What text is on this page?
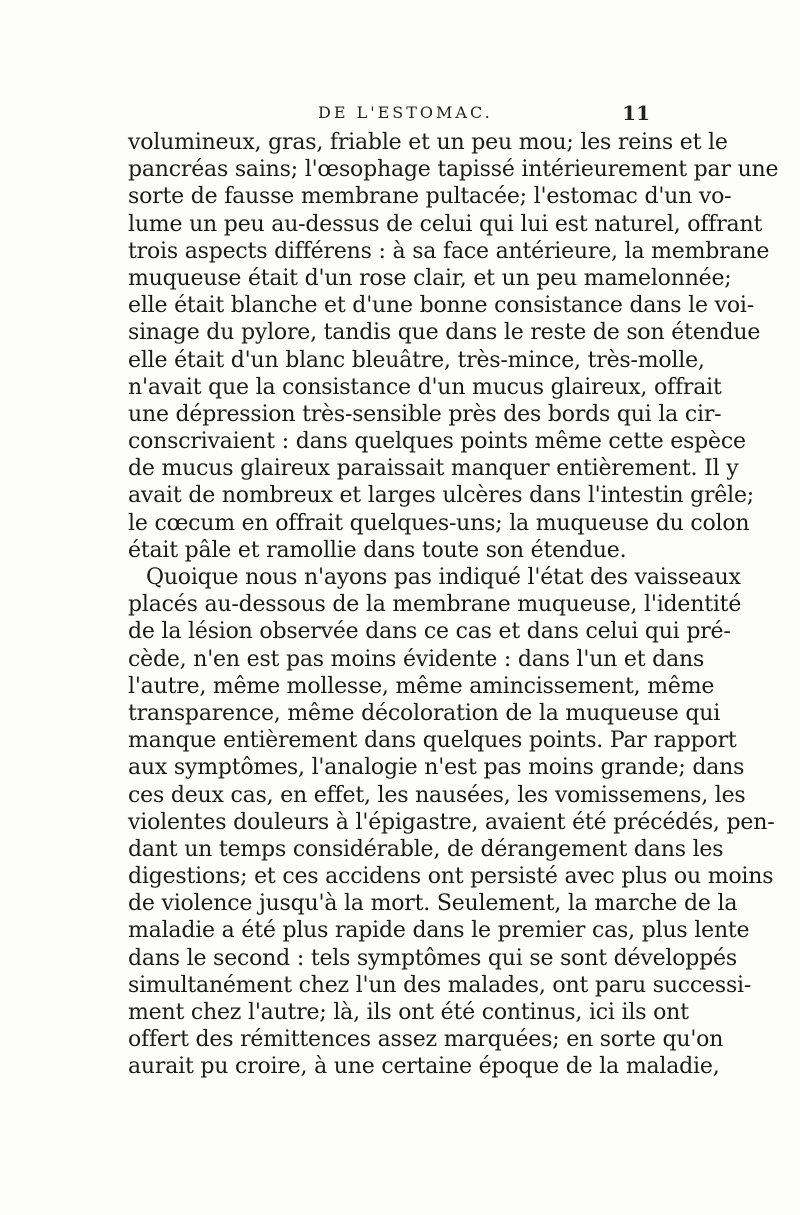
DE L'ESTOMAC.	11
volumineux, gras, friable et un peu mou; les reins et le
pancréas sains; l'œsophage tapissé intérieurement par une
sorte de fausse membrane pultacée; l'estomac d'un vo-
lume un peu au-dessus de celui qui lui est naturel, offrant
trois aspects différens : à sa face antérieure, la membrane
muqueuse était d'un rose clair, et un peu mamelonnée;
elle était blanche et d'une bonne consistance dans le voi-
sinage du pylore, tandis que dans le reste de son étendue
elle était d'un blanc bleuâtre, très-mince, très-molle,
n'avait que la consistance d'un mucus glaireux, offrait
une dépression très-sensible près des bords qui la cir-
conscrivaient : dans quelques points même cette espèce
de mucus glaireux paraissait manquer entièrement. Il y
avait de nombreux et larges ulcères dans l'intestin grêle;
le cœcum en offrait quelques-uns; la muqueuse du colon
était pâle et ramollie dans toute son étendue.
Quoique nous n'ayons pas indiqué l'état des vaisseaux
placés au-dessous de la membrane muqueuse, l'identité
de la lésion observée dans ce cas et dans celui qui pré-
cède, n'en est pas moins évidente : dans l'un et dans
l'autre, même mollesse, même amincissement, même
transparence, même décoloration de la muqueuse qui
manque entièrement dans quelques points. Par rapport
aux symptômes, l'analogie n'est pas moins grande; dans
ces deux cas, en effet, les nausées, les vomissemens, les
violentes douleurs à l'épigastre, avaient été précédés, pen-
dant un temps considérable, de dérangement dans les
digestions; et ces accidens ont persisté avec plus ou moins
de violence jusqu'à la mort. Seulement, la marche de la
maladie a été plus rapide dans le premier cas, plus lente
dans le second : tels symptômes qui se sont développés
simultanément chez l'un des malades, ont paru successi-
ment chez l'autre; là, ils ont été continus, ici ils ont
offert des rémittences assez marquées; en sorte qu'on
aurait pu croire, à une certaine époque de la maladie,
